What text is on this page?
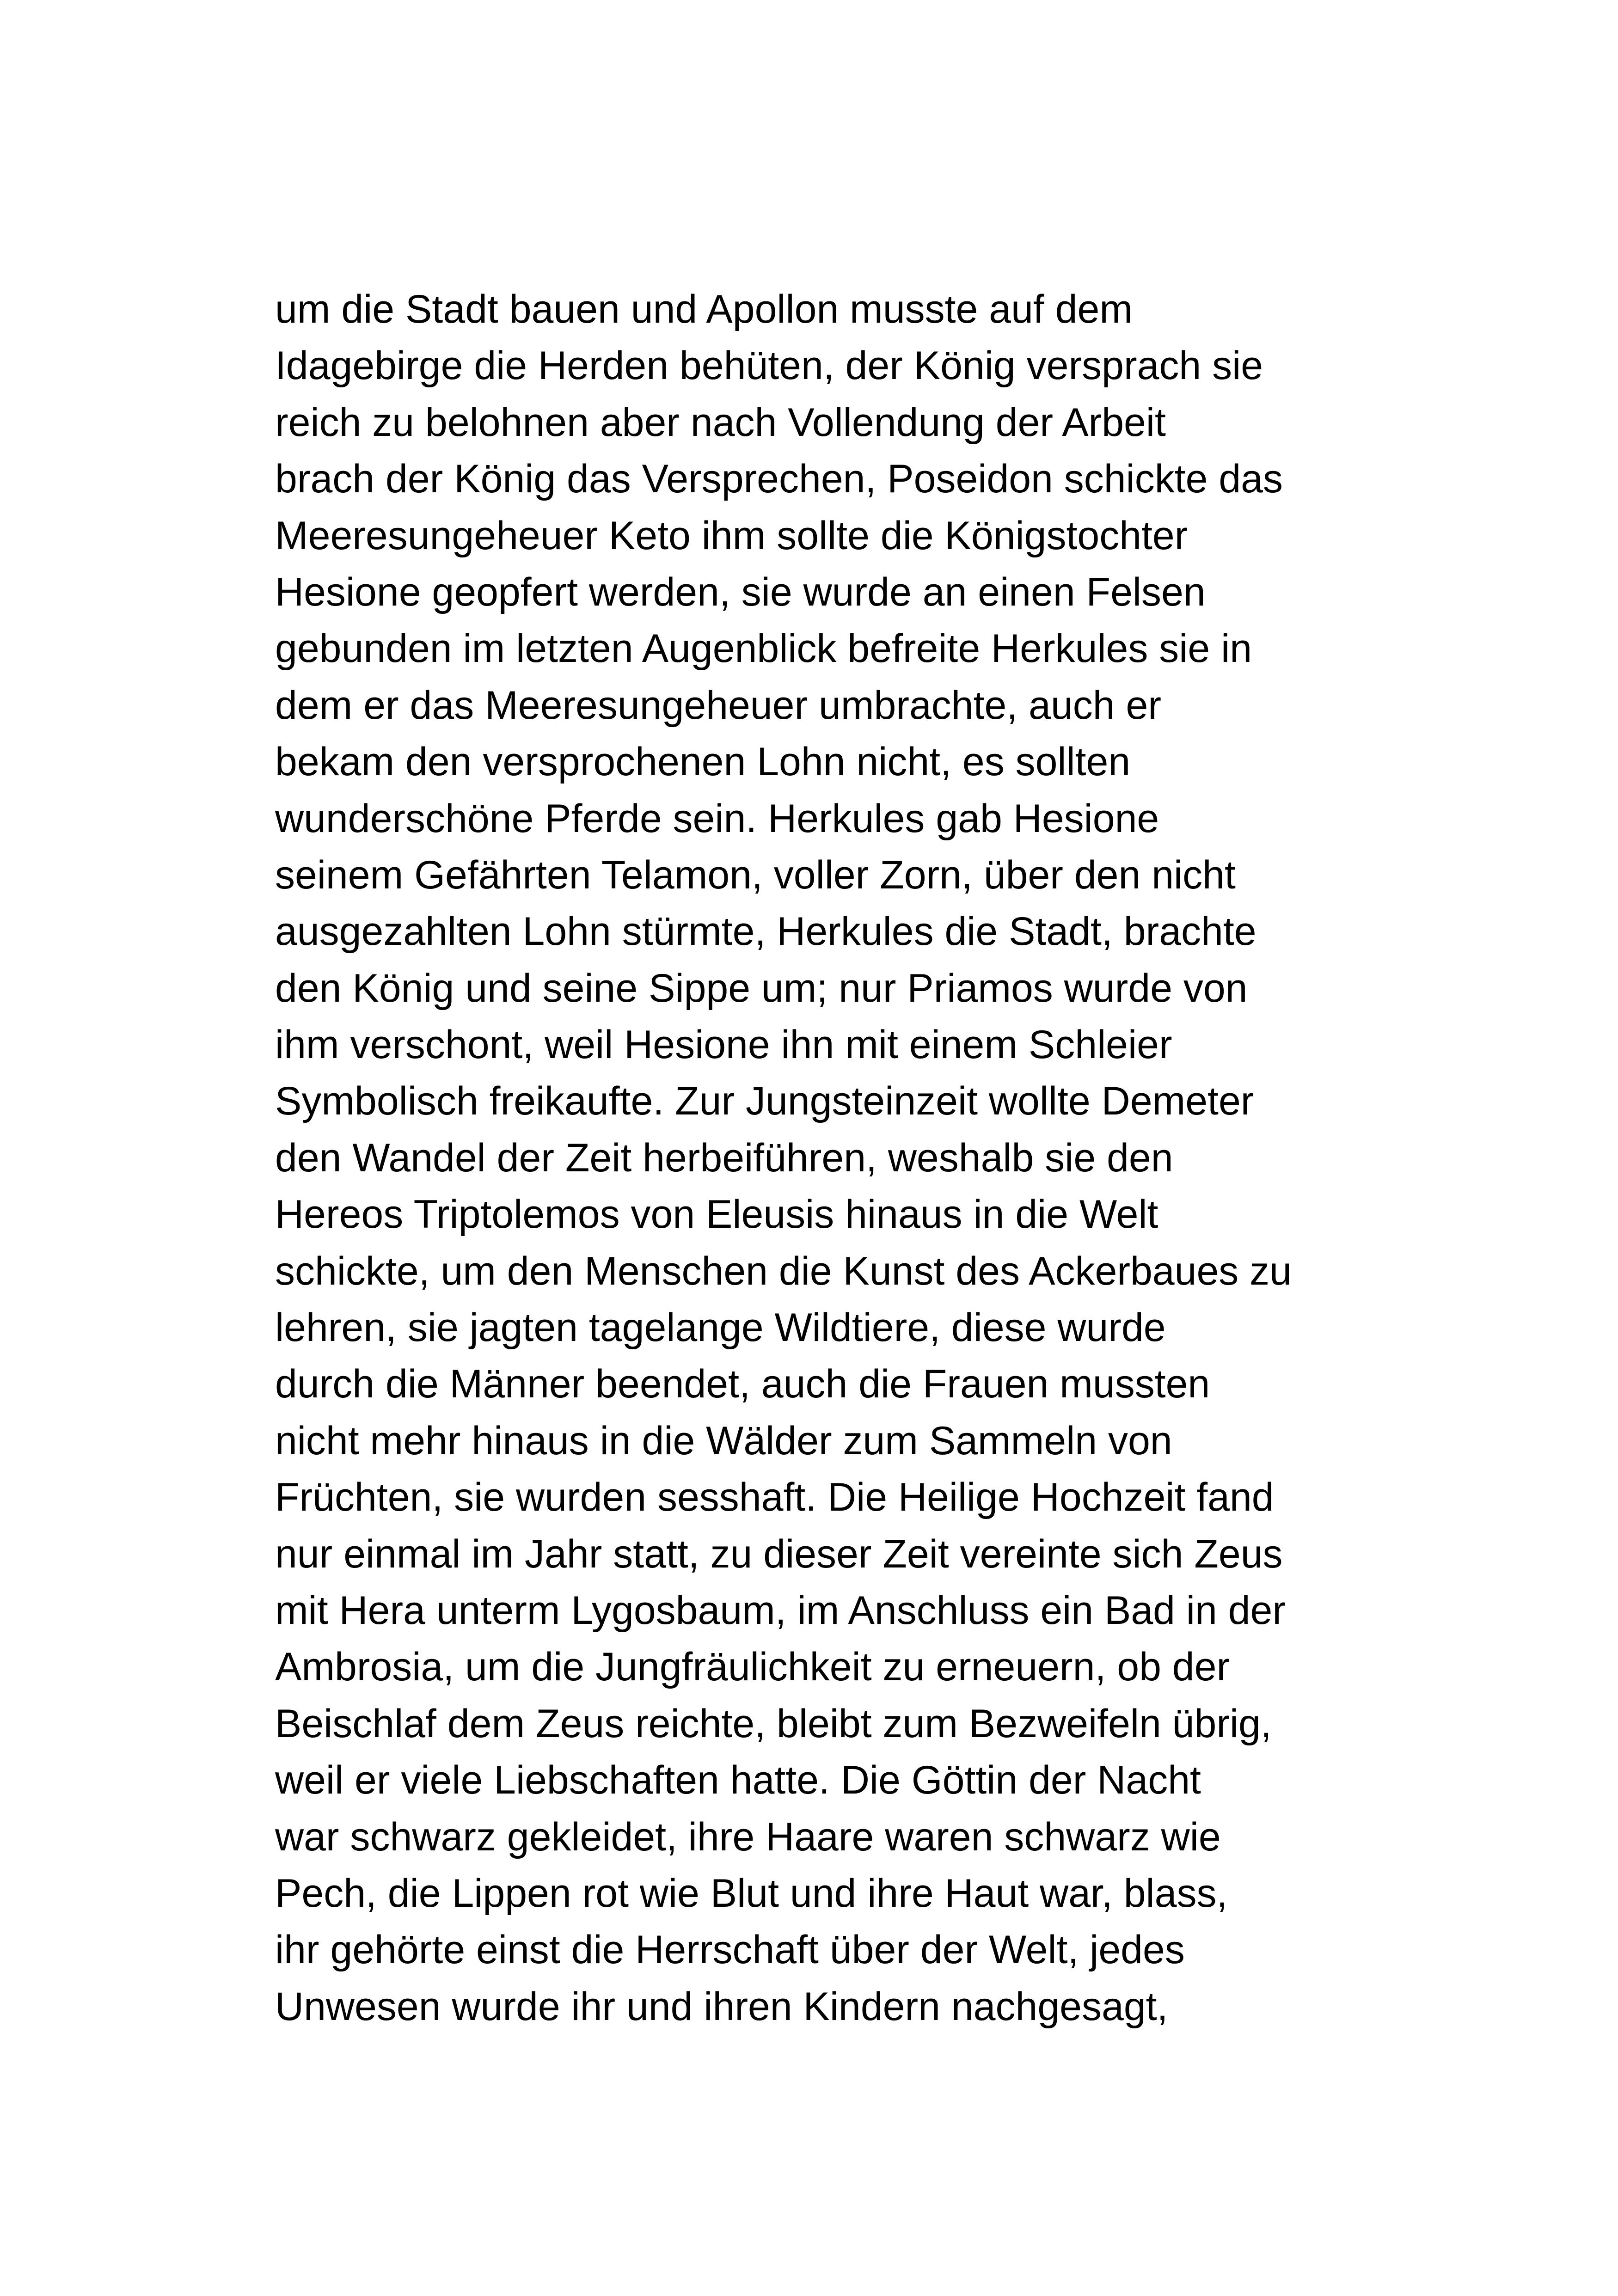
um die Stadt bauen und Apollon musste auf dem
Idagebirge die Herden behüten, der König versprach sie
reich zu belohnen aber nach Vollendung der Arbeit
brach der König das Versprechen, Poseidon schickte das
Meeresungeheuer Keto ihm sollte die Königstochter
Hesione geopfert werden, sie wurde an einen Felsen
gebunden im letzten Augenblick befreite Herkules sie in
dem er das Meeresungeheuer umbrachte, auch er
bekam den versprochenen Lohn nicht, es sollten
wunderschöne Pferde sein. Herkules gab Hesione
seinem Gefährten Telamon, voller Zorn, über den nicht
ausgezahlten Lohn stürmte, Herkules die Stadt, brachte
den König und seine Sippe um; nur Priamos wurde von
ihm verschont, weil Hesione ihn mit einem Schleier
Symbolisch freikaufte. Zur Jungsteinzeit wollte Demeter
den Wandel der Zeit herbeiführen, weshalb sie den
Hereos Triptolemos von Eleusis hinaus in die Welt
schickte, um den Menschen die Kunst des Ackerbaues zu
lehren, sie jagten tagelange Wildtiere, diese wurde
durch die Männer beendet, auch die Frauen mussten
nicht mehr hinaus in die Wälder zum Sammeln von
Früchten, sie wurden sesshaft. Die Heilige Hochzeit fand
nur einmal im Jahr statt, zu dieser Zeit vereinte sich Zeus
mit Hera unterm Lygosbaum, im Anschluss ein Bad in der
Ambrosia, um die Jungfräulichkeit zu erneuern, ob der
Beischlaf dem Zeus reichte, bleibt zum Bezweifeln übrig,
weil er viele Liebschaften hatte. Die Göttin der Nacht
war schwarz gekleidet, ihre Haare waren schwarz wie
Pech, die Lippen rot wie Blut und ihre Haut war, blass,
ihr gehörte einst die Herrschaft über der Welt, jedes
Unwesen wurde ihr und ihren Kindern nachgesagt,
